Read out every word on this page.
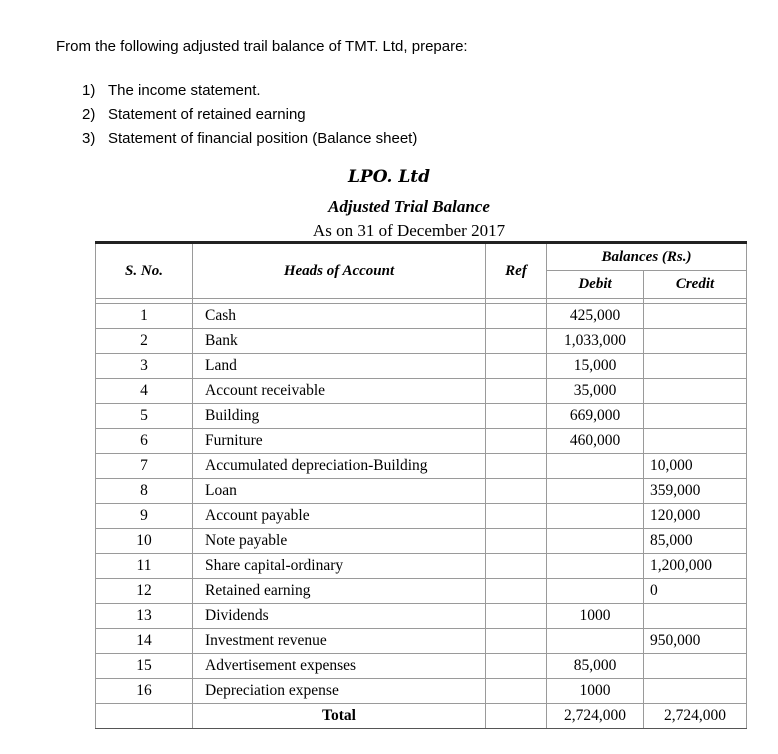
From the following adjusted trail balance of TMT. Ltd, prepare:

1) The income statement.
2) Statement of retained earning
3) Statement of financial position (Balance sheet)
LPO. Ltd
Adjusted Trial Balance
As on 31 of December 2017
S. No.	Heads of Account	Ref	Balances (Rs.)	
			Debit	Credit

1	Cash		425,000	
2	Bank		1,033,000	
3	Land		15,000	
4	Account receivable		35,000	
5	Building		669,000	
6	Furniture		460,000	
7	Accumulated depreciation-Building			10,000
8	Loan			359,000
9	Account payable			120,000
10	Note payable			85,000
11	Share capital-ordinary			1,200,000
12	Retained earning			0
13	Dividends		1000	
14	Investment revenue			950,000
15	Advertisement expenses		85,000	
16	Depreciation expense		1000	
	Total		2,724,000	2,724,000
